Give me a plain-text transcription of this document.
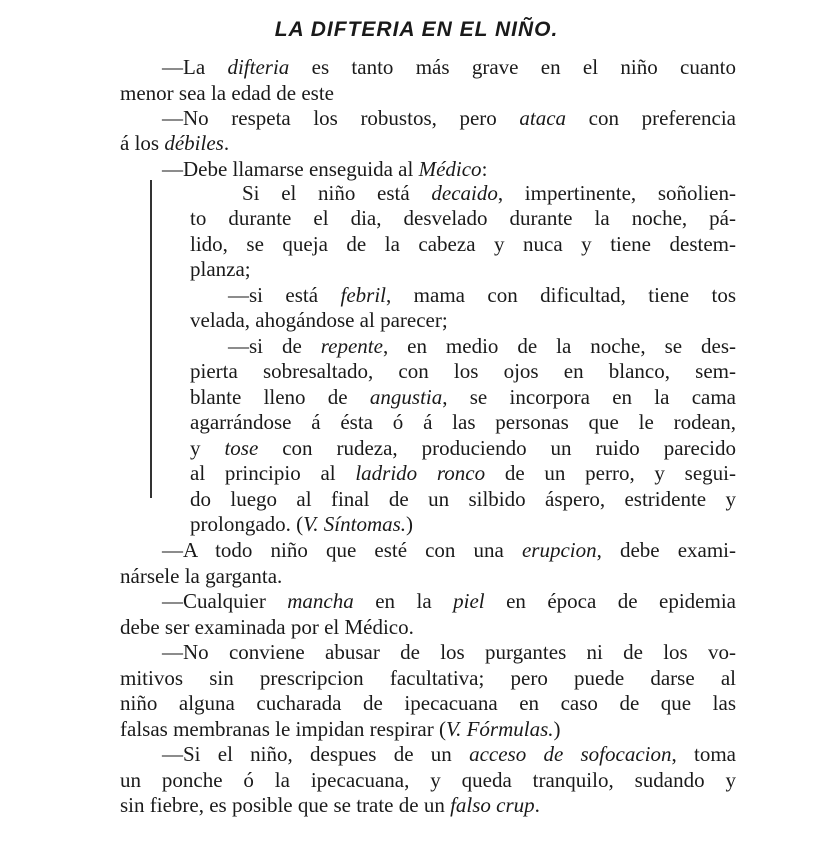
LA DIFTERIA EN EL NIÑO.
—La difteria es tanto más grave en el niño cuanto
menor sea la edad de este
—No respeta los robustos, pero ataca con preferencia
á los débiles.
—Debe llamarse enseguida al Médico:
Si el niño está decaido, impertinente, soñolien-
to durante el dia, desvelado durante la noche, pá-
lido, se queja de la cabeza y nuca y tiene destem-
planza;
—si está febril, mama con dificultad, tiene tos
velada, ahogándose al parecer;
—si de repente, en medio de la noche, se des-
pierta sobresaltado, con los ojos en blanco, sem-
blante lleno de angustia, se incorpora en la cama
agarrándose á ésta ó á las personas que le rodean,
y tose con rudeza, produciendo un ruido parecido
al principio al ladrido ronco de un perro, y segui-
do luego al final de un silbido áspero, estridente y
prolongado. (V. Síntomas.)
—A todo niño que esté con una erupcion, debe exami-
nársele la garganta.
—Cualquier mancha en la piel en época de epidemia
debe ser examinada por el Médico.
—No conviene abusar de los purgantes ni de los vo-
mitivos sin prescripcion facultativa; pero puede darse al
niño alguna cucharada de ipecacuana en caso de que las
falsas membranas le impidan respirar (V. Fórmulas.)
—Si el niño, despues de un acceso de sofocacion, toma
un ponche ó la ipecacuana, y queda tranquilo, sudando y
sin fiebre, es posible que se trate de un falso crup.
